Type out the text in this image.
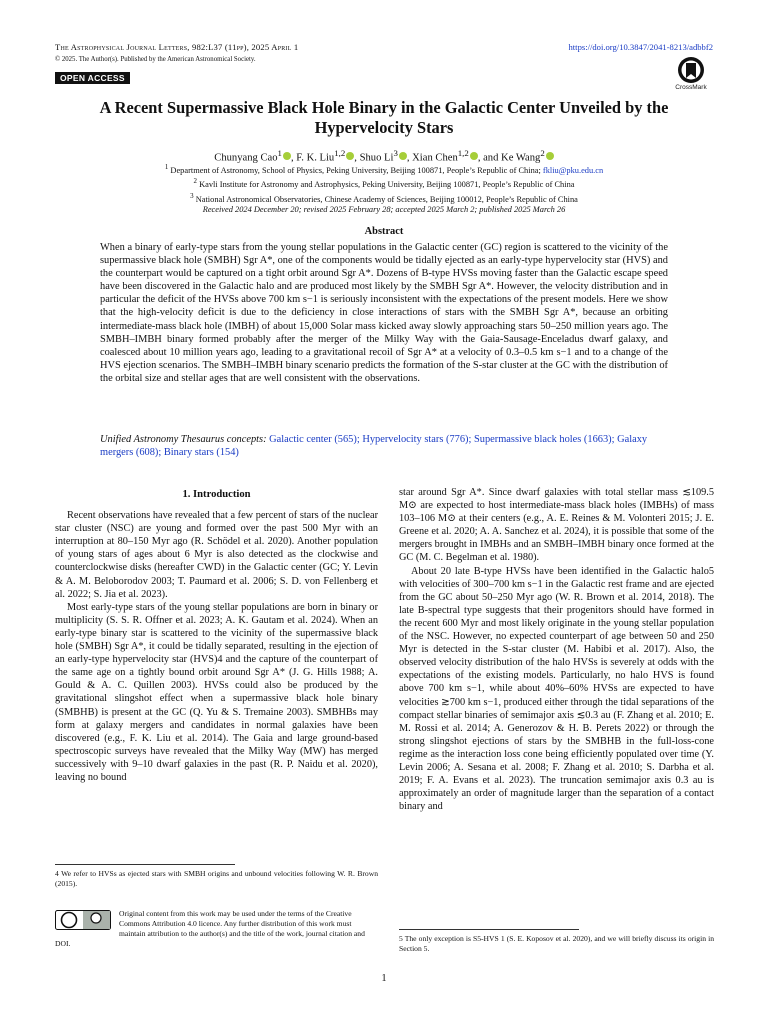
The Astrophysical Journal Letters, 982:L37 (11pp), 2025 April 1	https://doi.org/10.3847/2041-8213/adbbf2
© 2025. The Author(s). Published by the American Astronomical Society.
OPEN ACCESS
CrossMark
A Recent Supermassive Black Hole Binary in the Galactic Center Unveiled by the Hypervelocity Stars
Chunyang Cao$^1$ , F. K. Liu$^{1,2}$ , Shuo Li$^3$ , Xian Chen$^{1,2}$ , and Ke Wang$^2$
$^1$ Department of Astronomy, School of Physics, Peking University, Beijing 100871, People’s Republic of China; fkliu@pku.edu.cn
$^2$ Kavli Institute for Astronomy and Astrophysics, Peking University, Beijing 100871, People’s Republic of China
$^3$ National Astronomical Observatories, Chinese Academy of Sciences, Beijing 100012, People’s Republic of China
Received 2024 December 20; revised 2025 February 28; accepted 2025 March 2; published 2025 March 26
Abstract
When a binary of early-type stars from the young stellar populations in the Galactic center (GC) region is scattered to the vicinity of the supermassive black hole (SMBH) Sgr A*, one of the components would be tidally ejected as an early-type hypervelocity star (HVS) and the counterpart would be captured on a tight orbit around Sgr A*. Dozens of B-type HVSs moving faster than the Galactic escape speed have been discovered in the Galactic halo and are produced most likely by the SMBH Sgr A*. However, the velocity distribution and in particular the deficit of the HVSs above 700 km s−1 is seriously inconsistent with the expectations of the present models. Here we show that the high-velocity deficit is due to the deficiency in close interactions of stars with the SMBH Sgr A*, because an orbiting intermediate-mass black hole (IMBH) of about 15,000 Solar mass kicked away slowly approaching stars 50–250 million years ago. The SMBH–IMBH binary formed probably after the merger of the Milky Way with the Gaia-Sausage-Enceladus dwarf galaxy, and coalesced about 10 million years ago, leading to a gravitational recoil of Sgr A* at a velocity of 0.3–0.5 km s−1 and to a change of the HVS ejection scenarios. The SMBH–IMBH binary scenario predicts the formation of the S-star cluster at the GC with the distribution of the orbital size and stellar ages that are well consistent with the observations.
Unified Astronomy Thesaurus concepts: Galactic center (565); Hypervelocity stars (776); Supermassive black holes (1663); Galaxy mergers (608); Binary stars (154)
1. Introduction

Recent observations have revealed that a few percent of stars of the nuclear star cluster (NSC) are young and formed over the past 500 Myr with an interruption at 80–150 Myr ago (R. Schödel et al. 2020). Another population of young stars of ages about 6 Myr is also detected as the clockwise and counterclockwise disks (hereafter CWD) in the Galactic center (GC; Y. Levin & A. M. Beloborodov 2003; T. Paumard et al. 2006; S. D. von Fellenberg et al. 2022; S. Jia et al. 2023).

Most early-type stars of the young stellar populations are born in binary or multiplicity (S. S. R. Offner et al. 2023; A. K. Gautam et al. 2024). When an early-type binary star is scattered to the vicinity of the supermassive black hole (SMBH) Sgr A*, it could be tidally separated, resulting in the ejection of an early-type hypervelocity star (HVS)4 and the capture of the counterpart of the same age on a tightly bound orbit around Sgr A* (J. G. Hills 1988; A. Gould & A. C. Quillen 2003). HVSs could also be produced by the gravitational slingshot effect when a supermassive black hole binary (SMBHB) is present at the GC (Q. Yu & S. Tremaine 2003). SMBHBs may form at galaxy mergers and candidates in normal galaxies have been discovered (e.g., F. K. Liu et al. 2014). The Gaia and large ground-based spectroscopic surveys have revealed that the Milky Way (MW) has merged successively with 9–10 dwarf galaxies in the past (R. P. Naidu et al. 2020), leaving no bound

4 We refer to HVSs as ejected stars with SMBH origins and unbound velocities following W. R. Brown (2015).

star around Sgr A*. Since dwarf galaxies with total stellar mass ≲109.5 M⊙ are expected to host intermediate-mass black holes (IMBHs) of mass 103–106 M⊙ at their centers (e.g., A. E. Reines & M. Volonteri 2015; J. E. Greene et al. 2020; A. A. Sanchez et al. 2024), it is possible that some of the mergers brought in IMBHs and an SMBH–IMBH binary once formed at the GC (M. C. Begelman et al. 1980).

About 20 late B-type HVSs have been identified in the Galactic halo5 with velocities of 300–700 km s−1 in the Galactic rest frame and are ejected from the GC about 50–250 Myr ago (W. R. Brown et al. 2014, 2018). The late B-spectral type suggests that their progenitors should have formed in the recent 600 Myr and most likely originate in the young stellar population of the NSC. However, no expected counterpart of age between 50 and 250 Myr is detected in the S-star cluster (M. Habibi et al. 2017). Also, the observed velocity distribution of the halo HVSs is severely at odds with the expectations of the existing models. Particularly, no halo HVS is found above 700 km s−1, while about 40%–60% HVSs are expected to have velocities ≳700 km s−1, produced either through the tidal separations of the compact stellar binaries of semimajor axis ≲0.3 au (F. Zhang et al. 2010; E. M. Rossi et al. 2014; A. Generozov & H. B. Perets 2022) or through the strong slingshot ejections of stars by the SMBHB in the full-loss-cone regime as the interaction loss cone being efficiently populated over time (Y. Levin 2006; A. Sesana et al. 2008; F. Zhang et al. 2010; S. Darbha et al. 2019; F. A. Evans et al. 2023). The truncation semimajor axis 0.3 au is approximately an order of magnitude larger than the separation of a contact binary and

5 The only exception is S5-HVS 1 (S. E. Koposov et al. 2020), and we will briefly discuss its origin in Section 5.
Original content from this work may be used under the terms of the Creative Commons Attribution 4.0 licence. Any further distribution of this work must maintain attribution to the author(s) and the title of the work, journal citation and DOI.
1
